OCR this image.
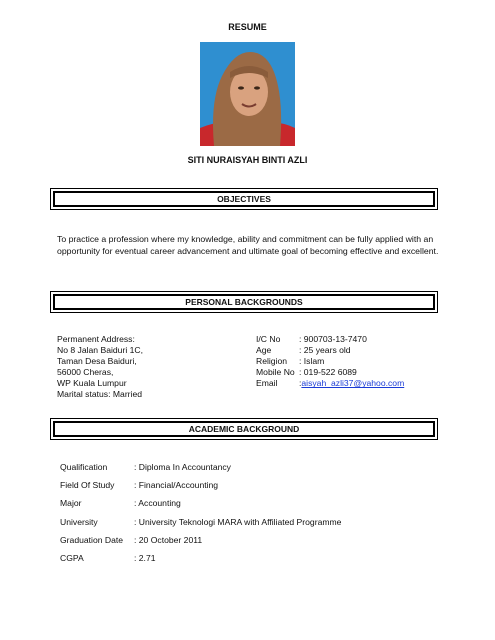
RESUME
SITI NURAISYAH BINTI AZLI
OBJECTIVES
To practice a profession where my knowledge, ability and commitment can be fully applied with an opportunity for eventual career advancement and ultimate goal of becoming effective and excellent.
PERSONAL BACKGROUNDS
Permanent Address:
No 8 Jalan Baiduri 1C,
Taman Desa Baiduri,
56000 Cheras,
WP Kuala Lumpur
Marital status: Married
I/C No	: 900703-13-7470
Age	: 25 years old
Religion	: Islam
Mobile No : 019-522 6089
Email	: aisyah_azli37@yahoo.com
ACADEMIC BACKGROUND
Qualification	: Diploma In Accountancy
Field Of Study	: Financial/Accounting
Major	: Accounting
University	: University Teknologi MARA with Affiliated Programme
Graduation Date	: 20 October 2011
CGPA	: 2.71
